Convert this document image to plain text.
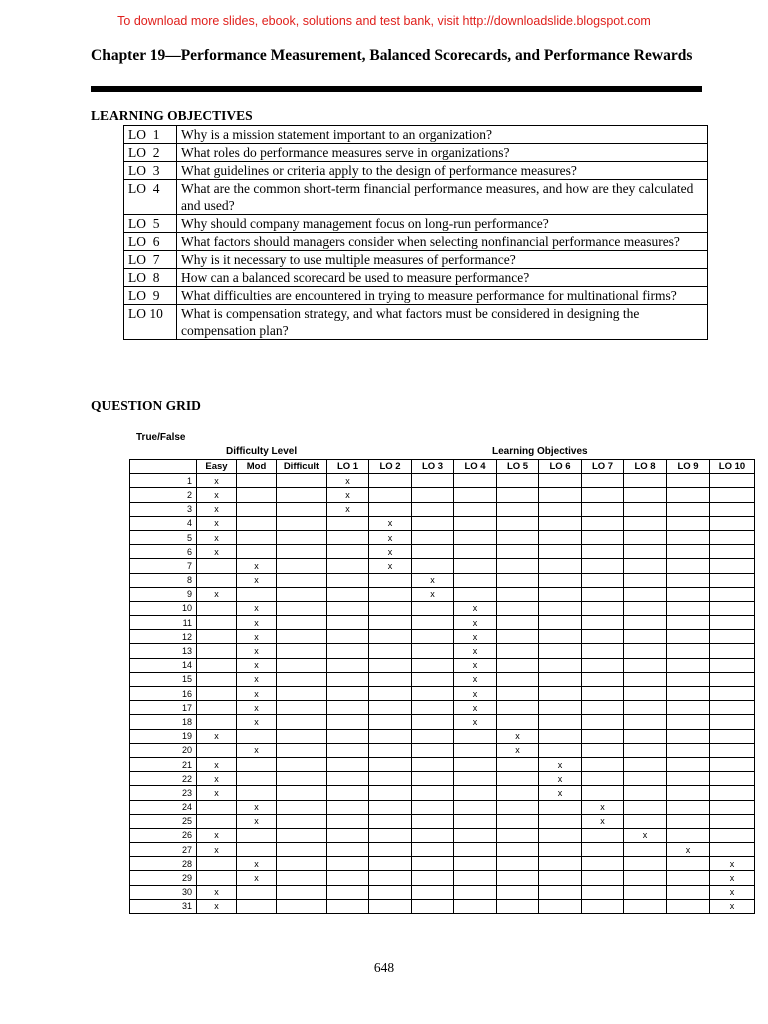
To download more slides, ebook, solutions and test bank, visit http://downloadslide.blogspot.com
Chapter 19—Performance Measurement, Balanced Scorecards, and Performance Rewards
LEARNING OBJECTIVES
LO  1	Why is a mission statement important to an organization?
LO  2	What roles do performance measures serve in organizations?
LO  3	What guidelines or criteria apply to the design of performance measures?
LO  4	What are the common short-term financial performance measures, and how are they calculated and used?
LO  5	Why should company management focus on long-run performance?
LO  6	What factors should managers consider when selecting nonfinancial performance measures?
LO  7	Why is it necessary to use multiple measures of performance?
LO  8	How can a balanced scorecard be used to measure performance?
LO  9	What difficulties are encountered in trying to measure performance for multinational firms?
LO 10	What is compensation strategy, and what factors must be considered in designing the compensation plan?
QUESTION GRID
True/False
Difficulty Level	Learning Objectives
	Easy	Mod	Difficult	LO 1	LO 2	LO 3	LO 4	LO 5	LO 6	LO 7	LO 8	LO 9	LO 10
1	x			x									
2	x			x									
3	x			x									
4	x				x								
5	x				x								
6	x				x								
7		x			x								
8		x				x							
9	x					x							
10		x					x						
11		x					x						
12		x					x						
13		x					x						
14		x					x						
15		x					x						
16		x					x						
17		x					x						
18		x					x						
19	x							x					
20		x						x					
21	x								x				
22	x								x				
23	x								x				
24		x								x			
25		x								x			
26	x										x		
27	x											x	
28		x											x
29		x											x
30	x												x
31	x												x
648
